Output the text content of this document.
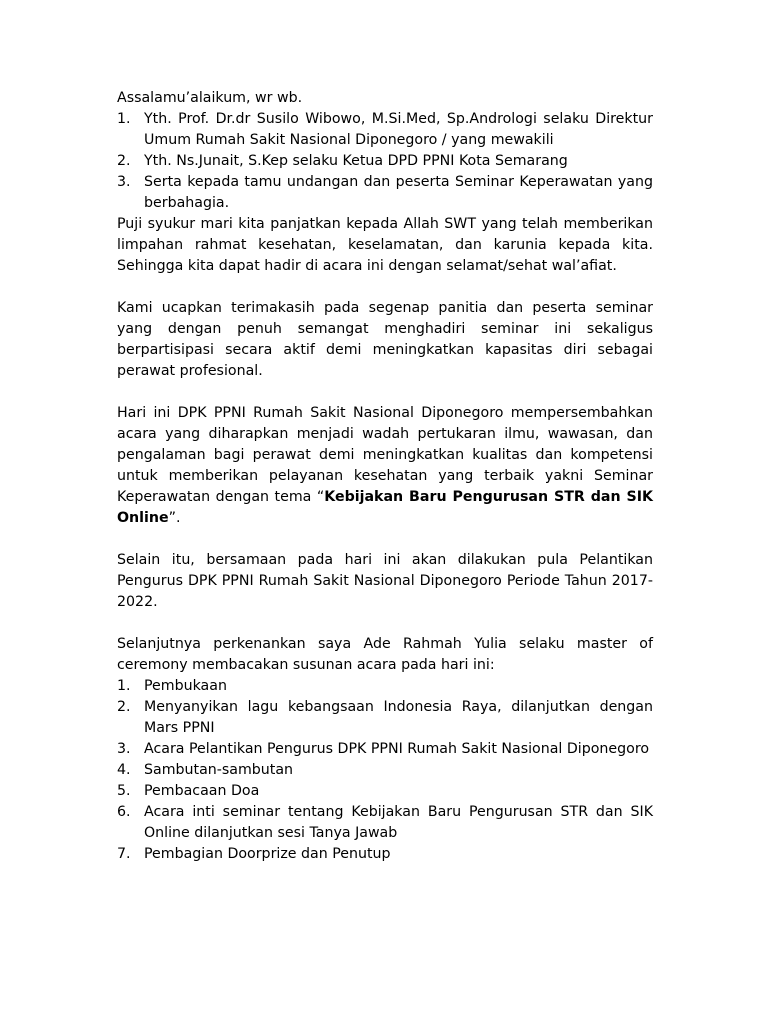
Assalamu’alaikum, wr wb.

1. Yth. Prof. Dr.dr Susilo Wibowo, M.Si.Med, Sp.Andrologi selaku Direktur Umum Rumah Sakit Nasional Diponegoro / yang mewakili
2. Yth. Ns.Junait, S.Kep selaku Ketua DPD PPNI Kota Semarang
3. Serta kepada tamu undangan dan peserta Seminar Keperawatan yang berbahagia.

Puji syukur mari kita panjatkan kepada Allah SWT yang telah memberikan limpahan rahmat kesehatan, keselamatan, dan karunia kepada kita. Sehingga kita dapat hadir di acara ini dengan selamat/sehat wal’afiat.

Kami ucapkan terimakasih pada segenap panitia dan peserta seminar yang dengan penuh semangat menghadiri seminar ini sekaligus berpartisipasi secara aktif demi meningkatkan kapasitas diri sebagai perawat profesional.

Hari ini DPK PPNI Rumah Sakit Nasional Diponegoro mempersembahkan acara yang diharapkan menjadi wadah pertukaran ilmu, wawasan, dan pengalaman bagi perawat demi meningkatkan kualitas dan kompetensi untuk memberikan pelayanan kesehatan yang terbaik yakni Seminar Keperawatan dengan tema “Kebijakan Baru Pengurusan STR dan SIK Online”.

Selain itu, bersamaan pada hari ini akan dilakukan pula Pelantikan Pengurus DPK PPNI Rumah Sakit Nasional Diponegoro Periode Tahun 2017-2022.

Selanjutnya perkenankan saya Ade Rahmah Yulia selaku master of ceremony membacakan susunan acara pada hari ini:

1. Pembukaan
2. Menyanyikan lagu kebangsaan Indonesia Raya, dilanjutkan dengan Mars PPNI
3. Acara Pelantikan Pengurus DPK PPNI Rumah Sakit Nasional Diponegoro
4. Sambutan-sambutan
5. Pembacaan Doa
6. Acara inti seminar tentang Kebijakan Baru Pengurusan STR dan SIK Online dilanjutkan sesi Tanya Jawab
7. Pembagian Doorprize dan Penutup
